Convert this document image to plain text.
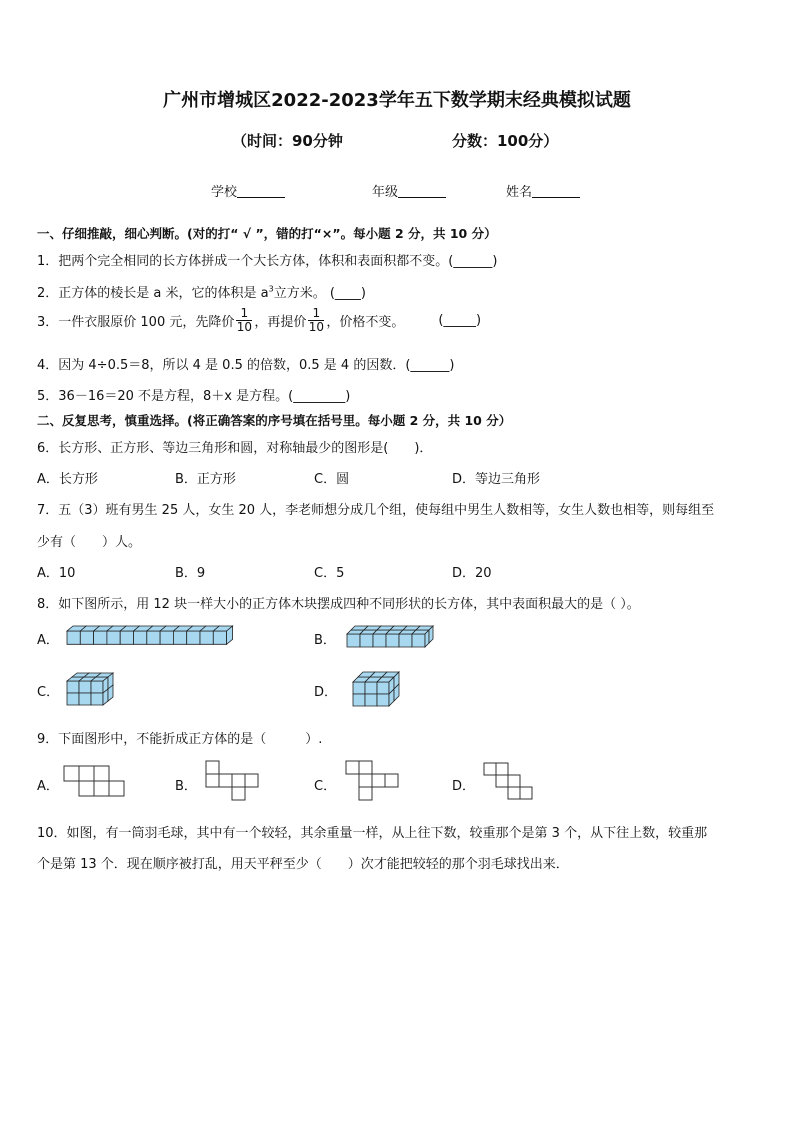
广州市增城区2022-2023学年五下数学期末经典模拟试题
（时间：90分钟	分数：100分）
学校	年级	姓名
一、仔细推敲，细心判断。(对的打“ √ ”，错的打“×”。每小题 2 分，共 10 分）
1．把两个完全相同的长方体拼成一个大长方体，体积和表面积都不变。(______)
2．正方体的棱长是 a 米，它的体积是 $a^3$立方米。 (____)
3．一件衣服原价 100 元，先降价 $\frac{1}{10}$ ，再提价 $\frac{1}{10}$ ，价格不变。	(_____)
4．因为 4÷0.5＝8，所以 4 是 0.5 的倍数，0.5 是 4 的因数．(______)
5．36－16＝20 不是方程，8＋x 是方程。(________)
二、反复思考，慎重选择。(将正确答案的序号填在括号里。每小题 2 分，共 10 分）
6．长方形、正方形、等边三角形和圆，对称轴最少的图形是(　　)．
A．长方形	B．正方形	C．圆	D．等边三角形
7．五（3）班有男生 25 人，女生 20 人，李老师想分成几个组，使每组中男生人数相等，女生人数也相等，则每组至
少有（　　）人。
A．10	B．9	C．5	D．20
8．如下图所示，用 12 块一样大小的正方体木块摆成四种不同形状的长方体，其中表面积最大的是（ ）。
A．	B．
C．	D．
9．下面图形中，不能折成正方体的是（　　　）.
A．	B．	C．	D．
10．如图，有一筒羽毛球，其中有一个较轻，其余重量一样，从上往下数，较重那个是第 3 个，从下往上数，较重那
个是第 13 个．现在顺序被打乱，用天平秤至少（　　）次才能把较轻的那个羽毛球找出来．
